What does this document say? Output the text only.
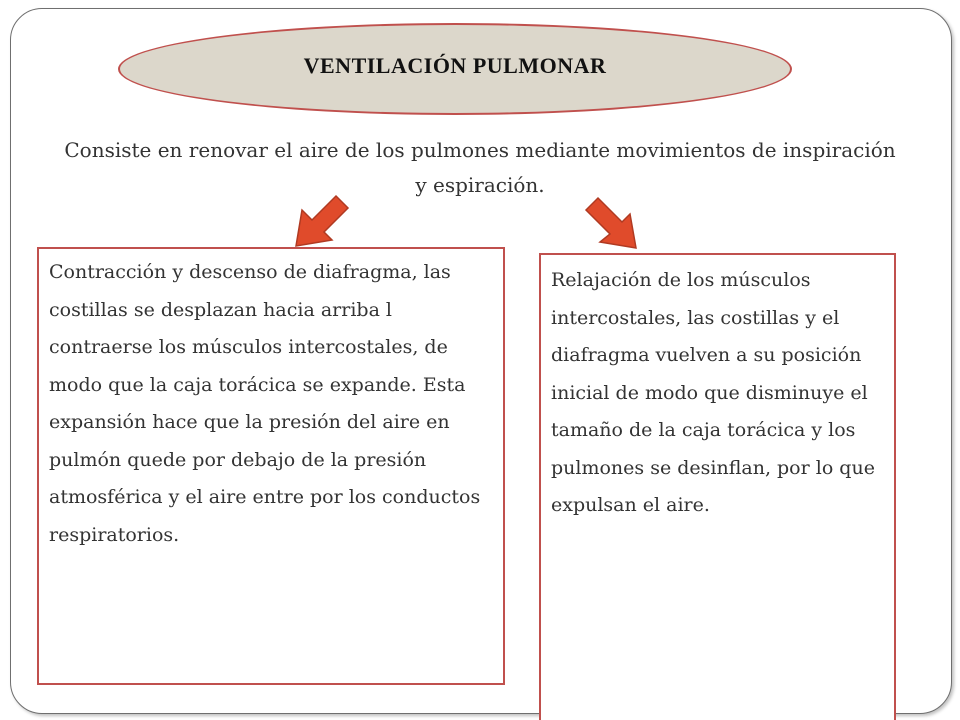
VENTILACIÓN PULMONAR
Consiste en renovar el aire de los pulmones mediante movimientos de inspiración y espiración.
Contracción y descenso de diafragma, las costillas se desplazan hacia arriba l contraerse los músculos intercostales, de modo que la caja torácica se expande. Esta expansión hace que la presión del aire en pulmón quede por debajo de la presión atmosférica y el aire entre por los conductos respiratorios.
Relajación de los músculos intercostales, las costillas y el diafragma vuelven a su posición inicial de modo que disminuye el tamaño de la caja torácica y los pulmones se desinflan, por lo que expulsan el aire.
